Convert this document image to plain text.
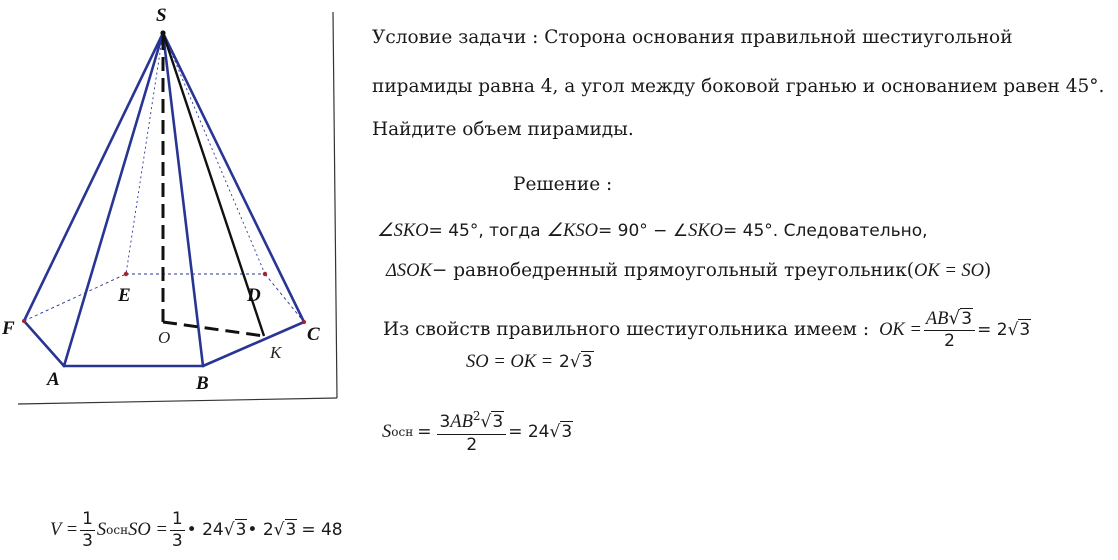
S
E	D
F	C
A	B
O
K
Условие задачи : Сторона основания правильной шестиугольной
пирамиды равна 4, а угол между боковой гранью и основанием равен 45°.
Найдите объем пирамиды.
Решение :
∠SKO= 45°, тогда ∠KSO= 90° − ∠SKO= 45°. Следовательно,
ΔSOK− равнобедренный прямоугольный треугольник(OK = SO)
Из свойств правильного шестиугольника имеем : OK = $\frac{AB√3}{2} = 2$ √ 3
SO = OK = 2√3
S осн = $\frac{3AB^2√3}{2} = 24$ √ 3
$V = \frac{1}{3}$ S осн SO = $\frac{1}{3}$ • 24 √ 3 • 2 √ 3 = 48
